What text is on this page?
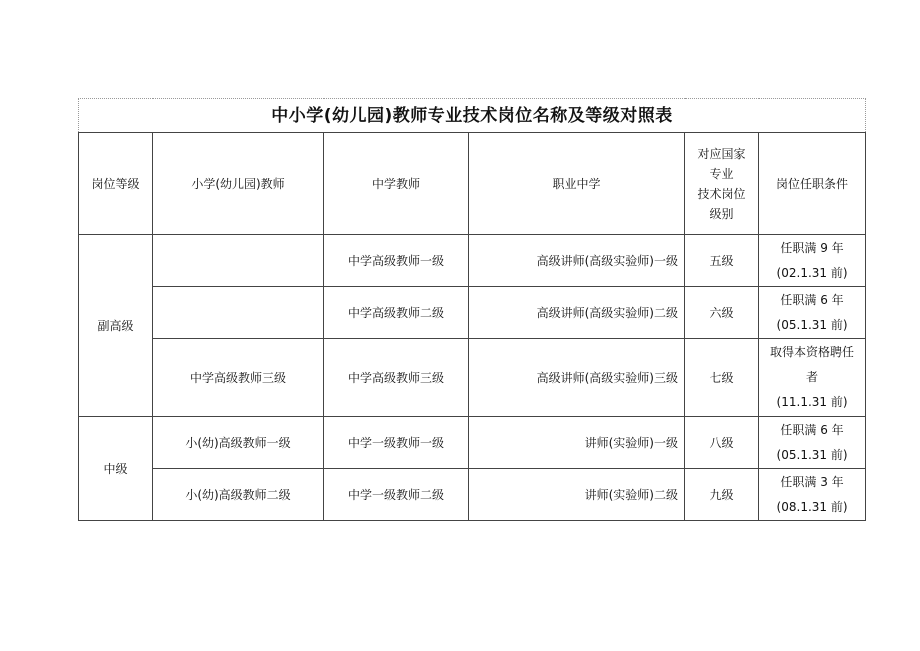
中小学(幼儿园)教师专业技术岗位名称及等级对照表					
岗位等级	小学(幼儿园)教师	中学教师	职业中学	对应国家
专业
技术岗位
级别	岗位任职条件
副高级		中学高级教师一级	高级讲师(高级实验师)一级	五级	任职满 9 年
(02.1.31 前)

		中学高级教师二级	高级讲师(高级实验师)二级	六级	任职满 6 年
(05.1.31 前)

	中学高级教师三级	中学高级教师三级	高级讲师(高级实验师)三级	七级	取得本资格聘任
者
(11.1.31 前)

中级	小(幼)高级教师一级	中学一级教师一级	讲师(实验师)一级	八级	任职满 6 年
(05.1.31 前)

	小(幼)高级教师二级	中学一级教师二级	讲师(实验师)二级	九级	任职满 3 年
(08.1.31 前)
